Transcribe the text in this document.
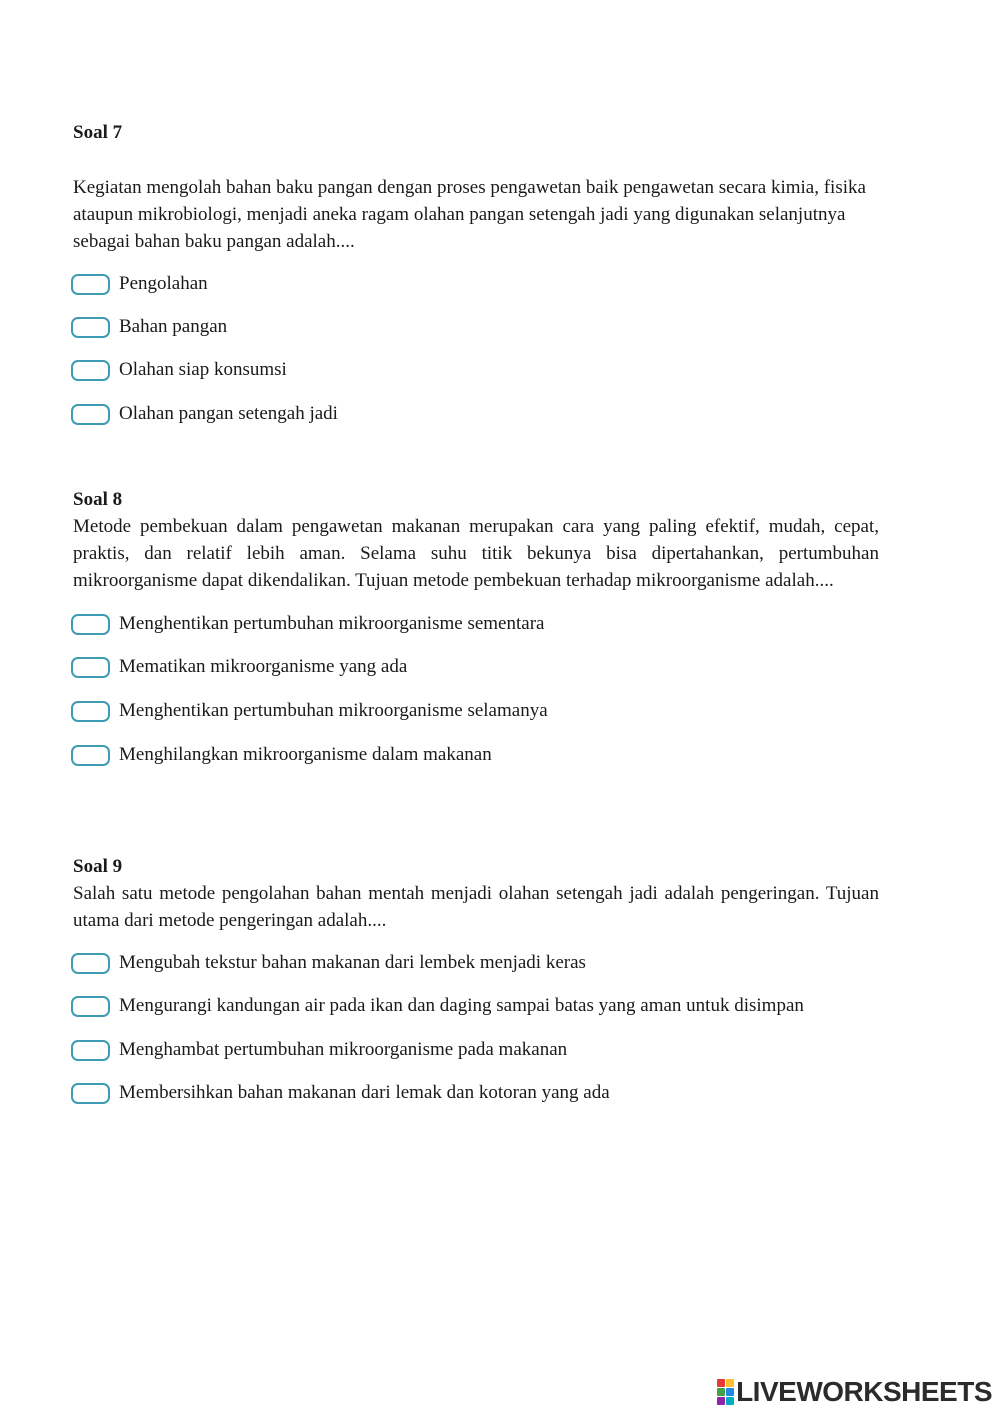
Soal 7

Kegiatan mengolah bahan baku pangan dengan proses pengawetan baik pengawetan secara kimia, fisika ataupun mikrobiologi, menjadi aneka ragam olahan pangan setengah jadi yang digunakan selanjutnya sebagai bahan baku pangan adalah....

Pengolahan
Bahan pangan
Olahan siap konsumsi
Olahan pangan setengah jadi

Soal 8

Metode pembekuan dalam pengawetan makanan merupakan cara yang paling efektif, mudah, cepat, praktis, dan relatif lebih aman. Selama suhu titik bekunya bisa dipertahankan, pertumbuhan mikroorganisme dapat dikendalikan. Tujuan metode pembekuan terhadap mikroorganisme adalah....

Menghentikan pertumbuhan mikroorganisme sementara
Mematikan mikroorganisme yang ada
Menghentikan pertumbuhan mikroorganisme selamanya
Menghilangkan mikroorganisme dalam makanan

Soal 9

Salah satu metode pengolahan bahan mentah menjadi olahan setengah jadi adalah pengeringan. Tujuan utama dari metode pengeringan adalah....

Mengubah tekstur bahan makanan dari lembek menjadi keras
Mengurangi kandungan air pada ikan dan daging sampai batas yang aman untuk disimpan
Menghambat pertumbuhan mikroorganisme pada makanan
Membersihkan bahan makanan dari lemak dan kotoran yang ada
LIVEWORKSHEETS
